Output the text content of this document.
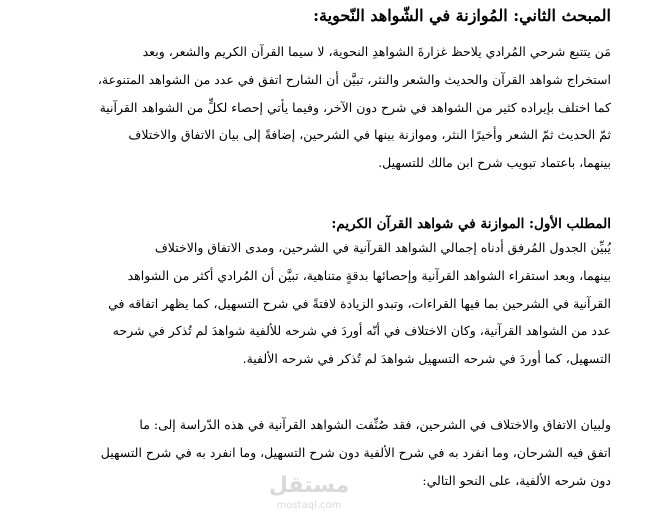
المبحث الثاني: المُوازنة في الشّواهد النّحوية:
مَن يتتبع شرحي المُرادي يلاحظ غزارةَ الشواهدِ النحوية، لا سيما القرآن الكريم والشعر، وبعد
استخراج شواهد القرآن والحديث والشعر والنثر، تبيَّن أن الشارح اتفق في عدد من الشواهد المتنوعة،
كما اختلف بإيراده كثير من الشواهد في شرح دون الآخر، وفيما يأتي إحصاء لكلٍّ من الشواهد القرآنية
ثمّ الحديث ثمّ الشعر وأخيرًا النثر، وموازنة بينها في الشرحين، إضافةً إلى بيان الاتفاق والاختلاف
بينهما، باعتماد تبويب شرح ابن مالك للتسهيل.
المطلب الأول: الموازنة في شواهد القرآن الكريم:
يُبيِّن الجدول المُرفق أدناه إجمالي الشواهد القرآنية في الشرحين، ومدى الاتفاق والاختلاف
بينهما، وبعد استقراء الشواهد القرآنية وإحصائها بدقةٍ متناهية، تبيَّن أن المُرادي أكثر من الشواهد
القرآنية في الشرحين بما فيها القراءات، وتبدو الزيادة لافتةً في شرح التسهيل، كما يظهر اتفاقه في
عدد من الشواهد القرآنية، وكان الاختلاف في أنّه أوردَ في شرحه للألفية شواهدَ لم تُذكر في شرحه
التسهيل، كما أوردَ في شرحه التسهيل شواهدَ لم تُذكر في شرحه الألفية.
ولبيان الاتفاق والاختلاف في الشرحين، فقد صُنِّفت الشواهد القرآنية في هذه الدّراسة إلى: ما
اتفق فيه الشرحان، وما انفرد به في شرح الألفية دون شرح التسهيل، وما انفرد به في شرح التسهيل
دون شرحه الألفية، على النحو التالي:
مستقل
mostaql.com
